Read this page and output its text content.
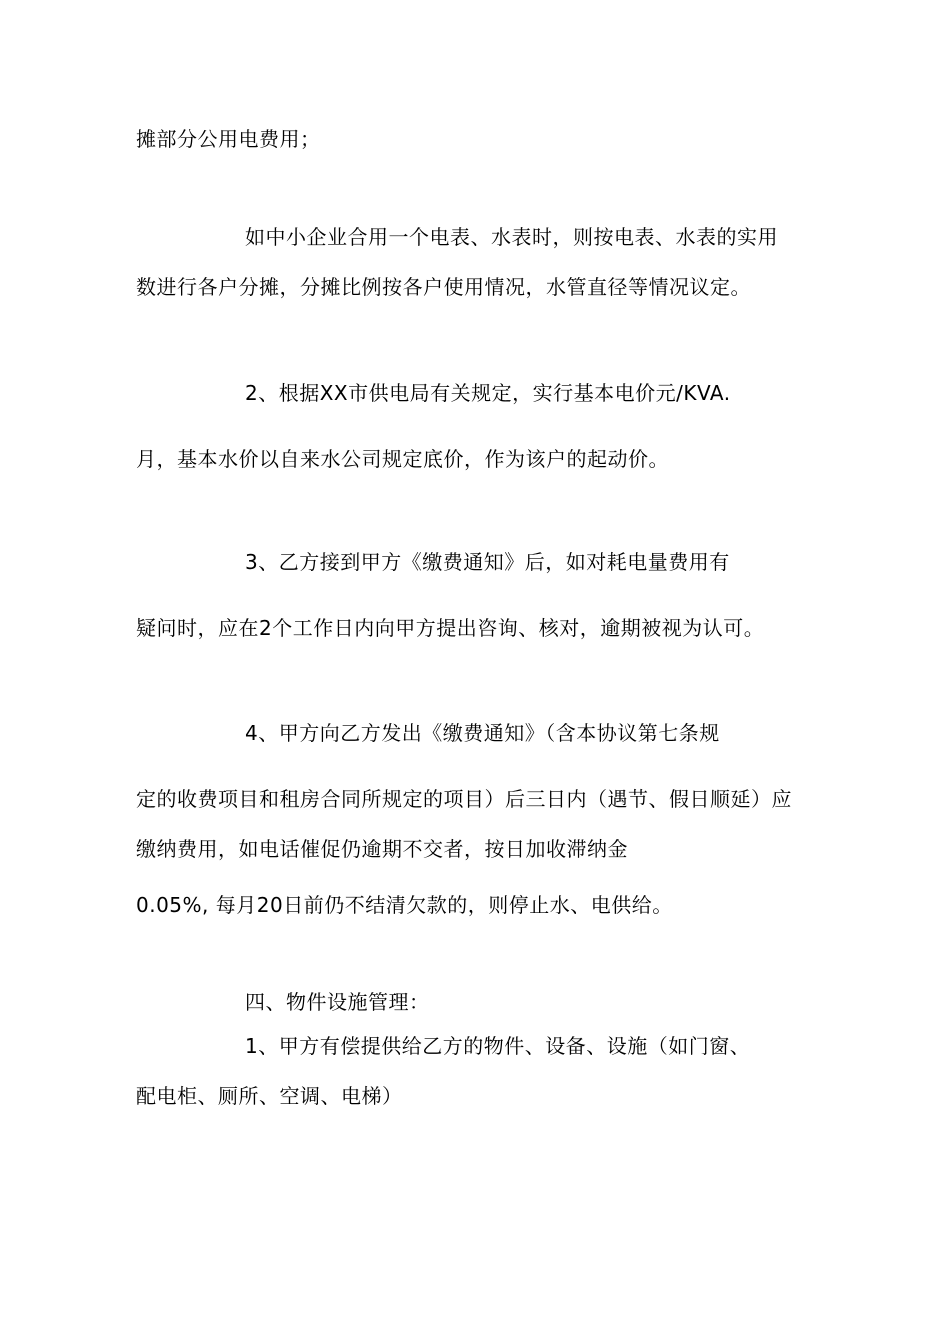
摊部分公用电费用；

如中小企业合用一个电表、水表时，则按电表、水表的实用

数进行各户分摊，分摊比例按各户使用情况，水管直径等情况议定。

2、根据XX市供电局有关规定，实行基本电价元/KVA.

月，基本水价以自来水公司规定底价，作为该户的起动价。

3、乙方接到甲方《缴费通知》后，如对耗电量费用有

疑问时，应在2个工作日内向甲方提出咨询、核对，逾期被视为认可。

4、甲方向乙方发出《缴费通知》（含本协议第七条规

定的收费项目和租房合同所规定的项目）后三日内（遇节、假日顺延）应

缴纳费用，如电话催促仍逾期不交者，按日加收滞纳金

0.05%, 每月20日前仍不结清欠款的，则停止水、电供给。

四、物件设施管理：

1、甲方有偿提供给乙方的物件、设备、设施（如门窗、

配电柜、厕所、空调、电梯）
